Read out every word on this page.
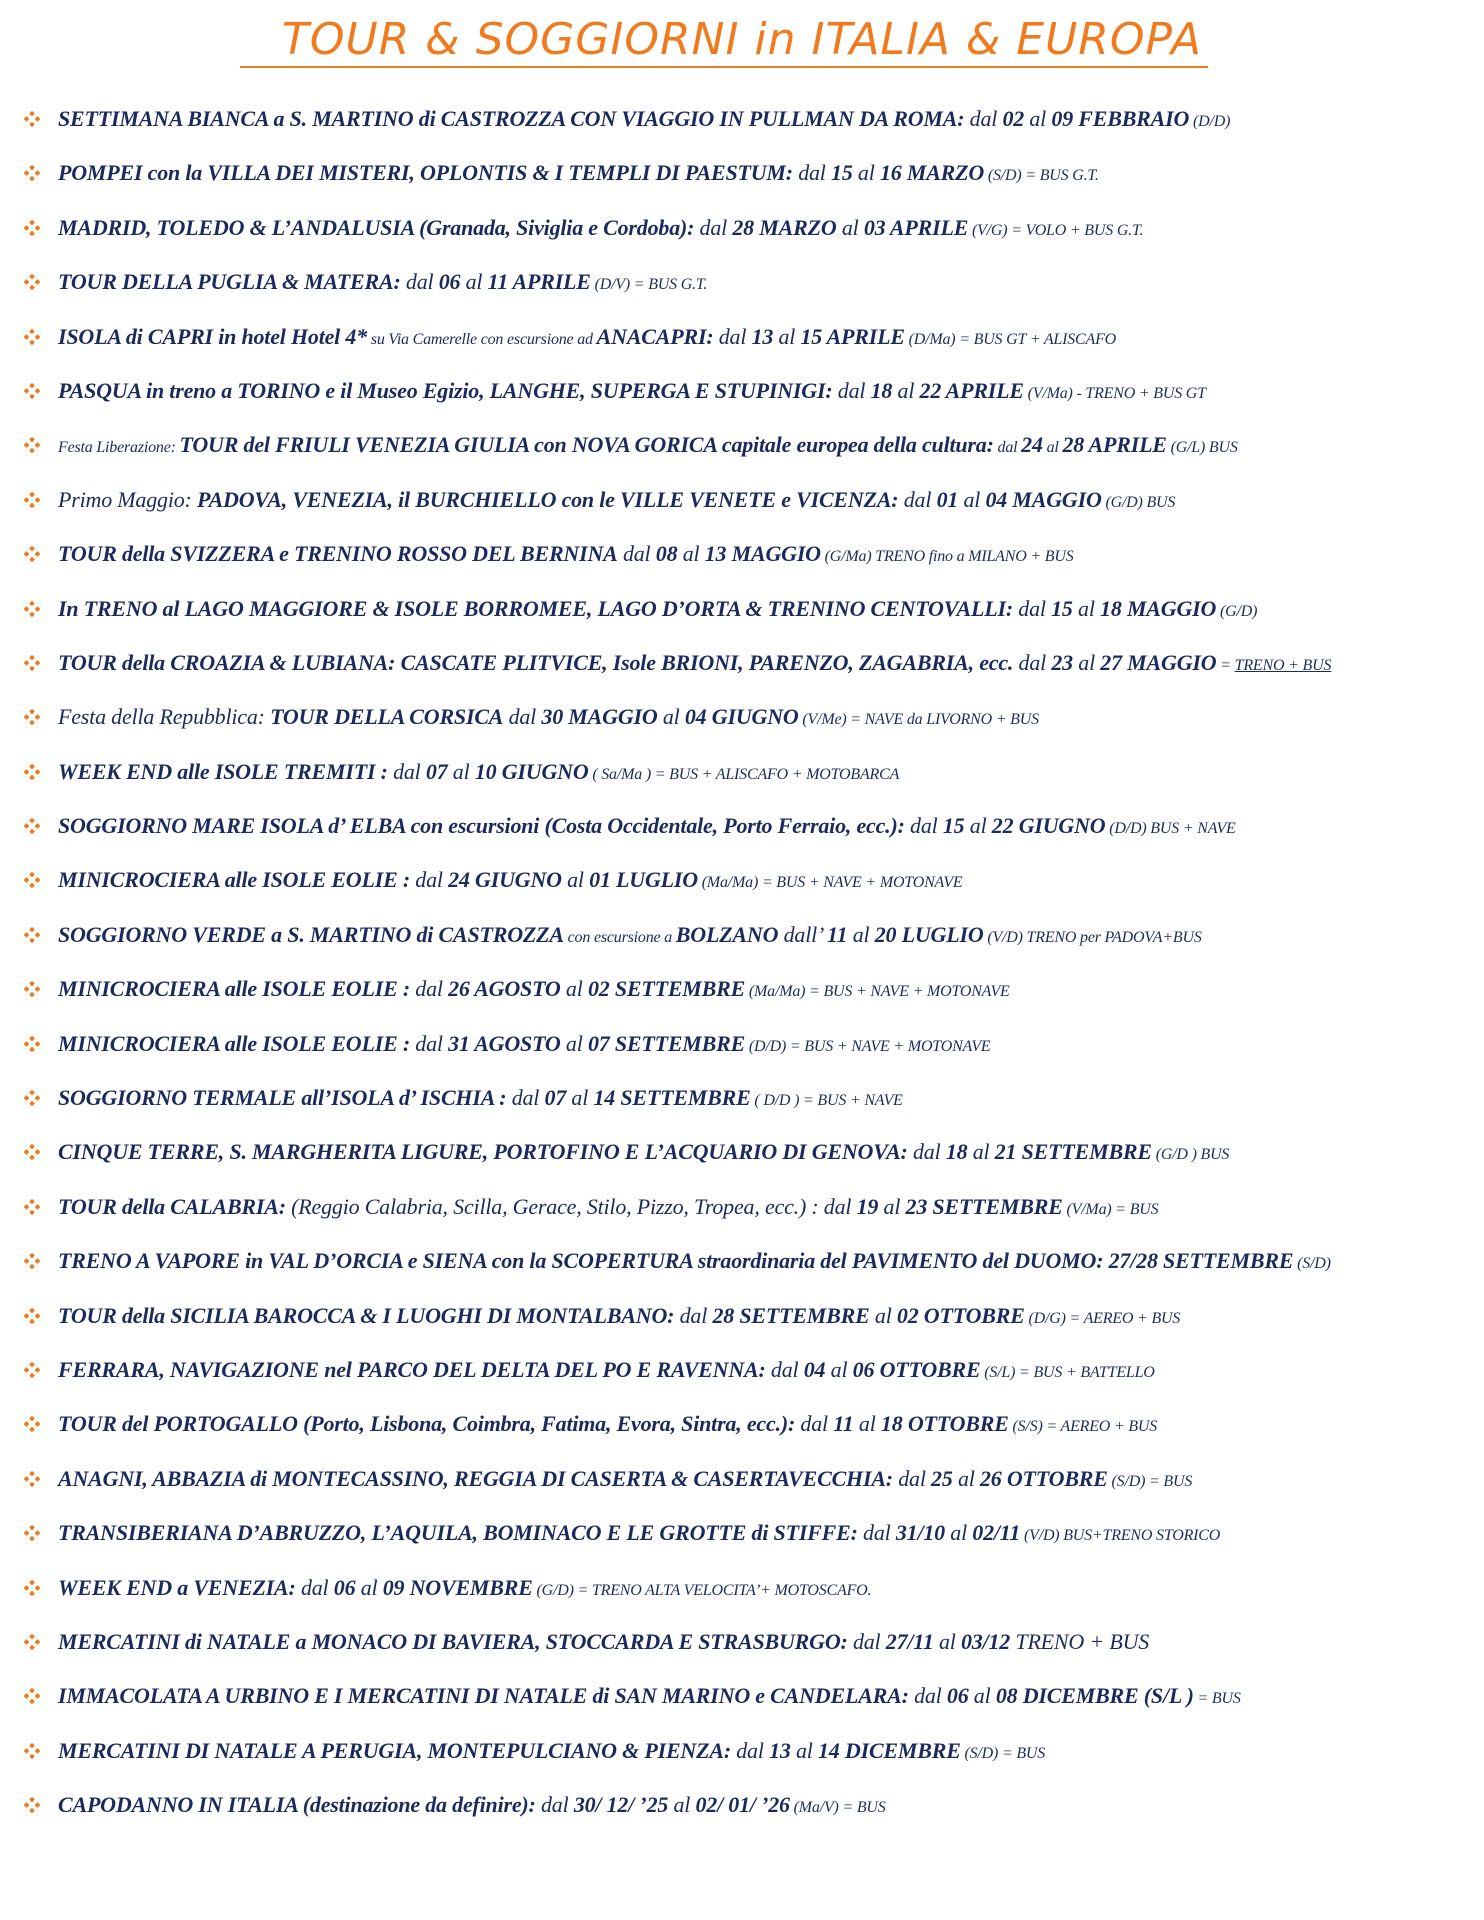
TOUR & SOGGIORNI in ITALIA & EUROPA
SETTIMANA BIANCA a S. MARTINO di CASTROZZA CON VIAGGIO IN PULLMAN DA ROMA: dal 02 al 09 FEBBRAIO (D/D)
POMPEI con la VILLA DEI MISTERI, OPLONTIS & I TEMPLI DI PAESTUM: dal 15 al 16 MARZO (S/D) = BUS G.T.
MADRID, TOLEDO & L’ANDALUSIA (Granada, Siviglia e Cordoba): dal 28 MARZO al 03 APRILE (V/G) = VOLO + BUS G.T.
TOUR DELLA PUGLIA & MATERA: dal 06 al 11 APRILE (D/V) = BUS G.T.
ISOLA di CAPRI in hotel Hotel 4* su Via Camerelle con escursione ad ANACAPRI: dal 13 al 15 APRILE (D/Ma) = BUS GT + ALISCAFO
PASQUA in treno a TORINO e il Museo Egizio, LANGHE, SUPERGA E STUPINIGI: dal 18 al 22 APRILE (V/Ma) - TRENO + BUS GT
Festa Liberazione: TOUR del FRIULI VENEZIA GIULIA con NOVA GORICA capitale europea della cultura: dal 24 al 28 APRILE (G/L) BUS
Primo Maggio: PADOVA, VENEZIA, il BURCHIELLO con le VILLE VENETE e VICENZA: dal 01 al 04 MAGGIO (G/D) BUS
TOUR della SVIZZERA e TRENINO ROSSO DEL BERNINA dal 08 al 13 MAGGIO (G/Ma) TRENO fino a MILANO + BUS
In TRENO al LAGO MAGGIORE & ISOLE BORROMEE, LAGO D’ORTA & TRENINO CENTOVALLI: dal 15 al 18 MAGGIO (G/D)
TOUR della CROAZIA & LUBIANA: CASCATE PLITVICE, Isole BRIONI, PARENZO, ZAGABRIA, ecc. dal 23 al 27 MAGGIO = TRENO + BUS
Festa della Repubblica: TOUR DELLA CORSICA dal 30 MAGGIO al 04 GIUGNO (V/Me) = NAVE da LIVORNO + BUS
WEEK END alle ISOLE TREMITI : dal 07 al 10 GIUGNO ( Sa/Ma ) = BUS + ALISCAFO + MOTOBARCA
SOGGIORNO MARE ISOLA d’ ELBA con escursioni (Costa Occidentale, Porto Ferraio, ecc.): dal 15 al 22 GIUGNO (D/D) BUS + NAVE
MINICROCIERA alle ISOLE EOLIE : dal 24 GIUGNO al 01 LUGLIO (Ma/Ma) = BUS + NAVE + MOTONAVE
SOGGIORNO VERDE a S. MARTINO di CASTROZZA con escursione a BOLZANO dall’ 11 al 20 LUGLIO (V/D) TRENO per PADOVA+BUS
MINICROCIERA alle ISOLE EOLIE : dal 26 AGOSTO al 02 SETTEMBRE (Ma/Ma) = BUS + NAVE + MOTONAVE
MINICROCIERA alle ISOLE EOLIE : dal 31 AGOSTO al 07 SETTEMBRE (D/D) = BUS + NAVE + MOTONAVE
SOGGIORNO TERMALE all’ISOLA d’ ISCHIA : dal 07 al 14 SETTEMBRE ( D/D ) = BUS + NAVE
CINQUE TERRE, S. MARGHERITA LIGURE, PORTOFINO E L’ACQUARIO DI GENOVA: dal 18 al 21 SETTEMBRE (G/D ) BUS
TOUR della CALABRIA: (Reggio Calabria, Scilla, Gerace, Stilo, Pizzo, Tropea, ecc.) : dal 19 al 23 SETTEMBRE (V/Ma) = BUS
TRENO A VAPORE in VAL D’ORCIA e SIENA con la SCOPERTURA straordinaria del PAVIMENTO del DUOMO: 27/28 SETTEMBRE (S/D)
TOUR della SICILIA BAROCCA & I LUOGHI DI MONTALBANO: dal 28 SETTEMBRE al 02 OTTOBRE (D/G) = AEREO + BUS
FERRARA, NAVIGAZIONE nel PARCO DEL DELTA DEL PO E RAVENNA: dal 04 al 06 OTTOBRE (S/L) = BUS + BATTELLO
TOUR del PORTOGALLO (Porto, Lisbona, Coimbra, Fatima, Evora, Sintra, ecc.): dal 11 al 18 OTTOBRE (S/S) = AEREO + BUS
ANAGNI, ABBAZIA di MONTECASSINO, REGGIA DI CASERTA & CASERTAVECCHIA: dal 25 al 26 OTTOBRE (S/D) = BUS
TRANSIBERIANA D’ABRUZZO, L’AQUILA, BOMINACO E LE GROTTE di STIFFE: dal 31/10 al 02/11 (V/D) BUS+TRENO STORICO
WEEK END a VENEZIA: dal 06 al 09 NOVEMBRE (G/D) = TRENO ALTA VELOCITA’+ MOTOSCAFO.
MERCATINI di NATALE a MONACO DI BAVIERA, STOCCARDA E STRASBURGO: dal 27/11 al 03/12 TRENO + BUS
IMMACOLATA A URBINO E I MERCATINI DI NATALE di SAN MARINO e CANDELARA: dal 06 al 08 DICEMBRE (S/L ) = BUS
MERCATINI DI NATALE A PERUGIA, MONTEPULCIANO & PIENZA: dal 13 al 14 DICEMBRE (S/D) = BUS
CAPODANNO IN ITALIA (destinazione da definire): dal 30/ 12/ ’25 al 02/ 01/ ’26 (Ma/V) = BUS
